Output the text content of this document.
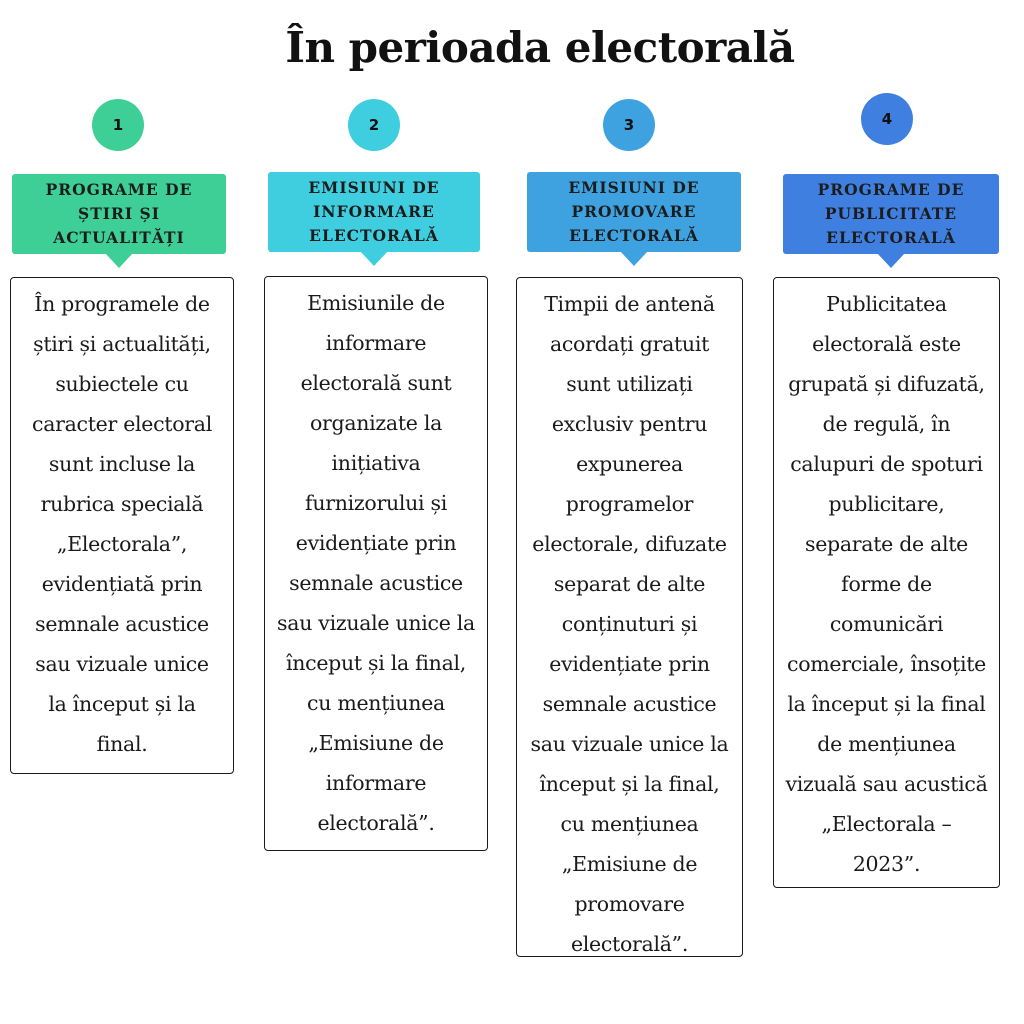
În perioada electorală
1
PROGRAME DE
ȘTIRI ȘI
ACTUALITĂȚI
În programele de
știri și actualități,
subiectele cu
caracter electoral
sunt incluse la
rubrica specială
„Electorala”,
evidențiată prin
semnale acustice
sau vizuale unice
la început și la
final.
2
EMISIUNI DE
INFORMARE
ELECTORALĂ
Emisiunile de
informare
electorală sunt
organizate la
inițiativa
furnizorului și
evidențiate prin
semnale acustice
sau vizuale unice la
început și la final,
cu mențiunea
„Emisiune de
informare
electorală”.
3
EMISIUNI DE
PROMOVARE
ELECTORALĂ
Timpii de antenă
acordați gratuit
sunt utilizați
exclusiv pentru
expunerea
programelor
electorale, difuzate
separat de alte
conținuturi și
evidențiate prin
semnale acustice
sau vizuale unice la
început și la final,
cu mențiunea
„Emisiune de
promovare
electorală”.
4
PROGRAME DE
PUBLICITATE
ELECTORALĂ
Publicitatea
electorală este
grupată și difuzată,
de regulă, în
calupuri de spoturi
publicitare,
separate de alte
forme de
comunicări
comerciale, însoțite
la început și la final
de mențiunea
vizuală sau acustică
„Electorala –
2023”.
